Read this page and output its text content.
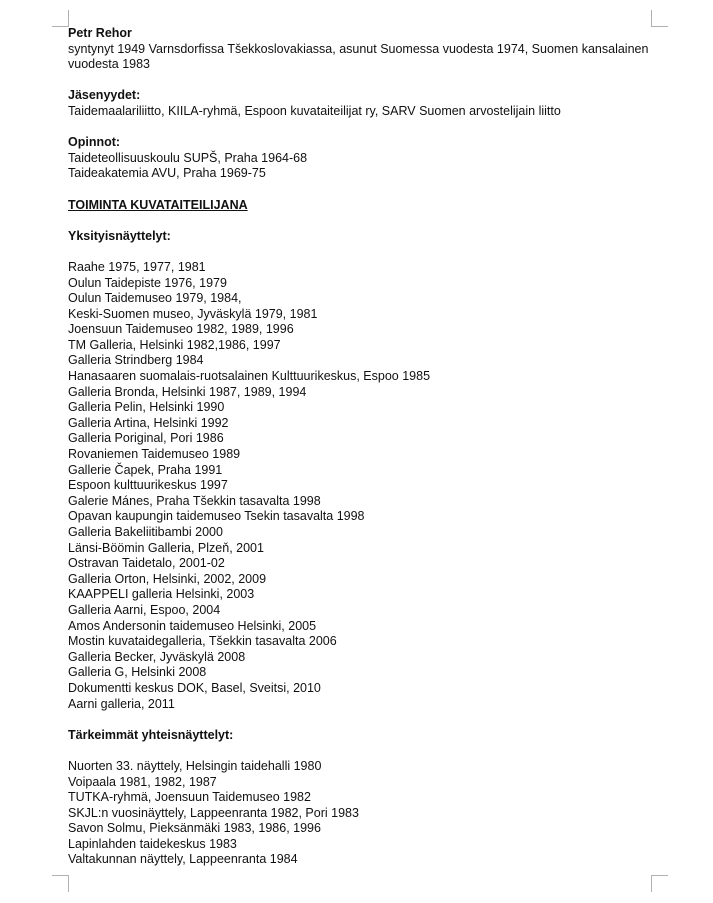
Petr Rehor
syntynyt 1949 Varnsdorfissa Tšekkoslovakiassa, asunut Suomessa vuodesta 1974, Suomen kansalainen vuodesta 1983
Jäsenyydet:
Taidemaalariliitto, KIILA-ryhmä, Espoon kuvataiteilijat ry, SARV Suomen arvostelijain liitto
Opinnot:
Taideteollisuuskoulu SUPŠ, Praha 1964-68
Taideakatemia AVU, Praha 1969-75
TOIMINTA KUVATAITEILIJANA
Yksityisnäyttelyt:
Raahe 1975, 1977, 1981
Oulun Taidepiste 1976, 1979
Oulun Taidemuseo 1979, 1984,
Keski-Suomen museo, Jyväskylä 1979, 1981
Joensuun Taidemuseo 1982, 1989, 1996
TM Galleria, Helsinki 1982,1986, 1997
Galleria Strindberg 1984
Hanasaaren suomalais-ruotsalainen Kulttuurikeskus, Espoo 1985
Galleria Bronda, Helsinki 1987, 1989, 1994
Galleria Pelin, Helsinki 1990
Galleria Artina, Helsinki 1992
Galleria Poriginal, Pori 1986
Rovaniemen Taidemuseo 1989
Gallerie Čapek, Praha 1991
Espoon kulttuurikeskus 1997
Galerie Mánes, Praha Tšekkin tasavalta 1998
Opavan kaupungin taidemuseo Tsekin tasavalta 1998
Galleria Bakeliitibambi 2000
Länsi-Böömin Galleria, Plzeň, 2001
Ostravan Taidetalo, 2001-02
Galleria Orton, Helsinki, 2002, 2009
KAAPPELI galleria Helsinki, 2003
Galleria Aarni, Espoo, 2004
Amos Andersonin taidemuseo Helsinki, 2005
Mostin kuvataidegalleria, Tšekkin tasavalta 2006
Galleria Becker, Jyväskylä 2008
Galleria G, Helsinki 2008
Dokumentti keskus DOK, Basel, Sveitsi, 2010
Aarni galleria, 2011
Tärkeimmät yhteisnäyttelyt:
Nuorten 33. näyttely, Helsingin taidehalli 1980
Voipaala 1981, 1982, 1987
TUTKA-ryhmä, Joensuun Taidemuseo 1982
SKJL:n vuosinäyttely, Lappeenranta 1982, Pori 1983
Savon Solmu, Pieksänmäki 1983, 1986, 1996
Lapinlahden taidekeskus 1983
Valtakunnan näyttely, Lappeenranta 1984
